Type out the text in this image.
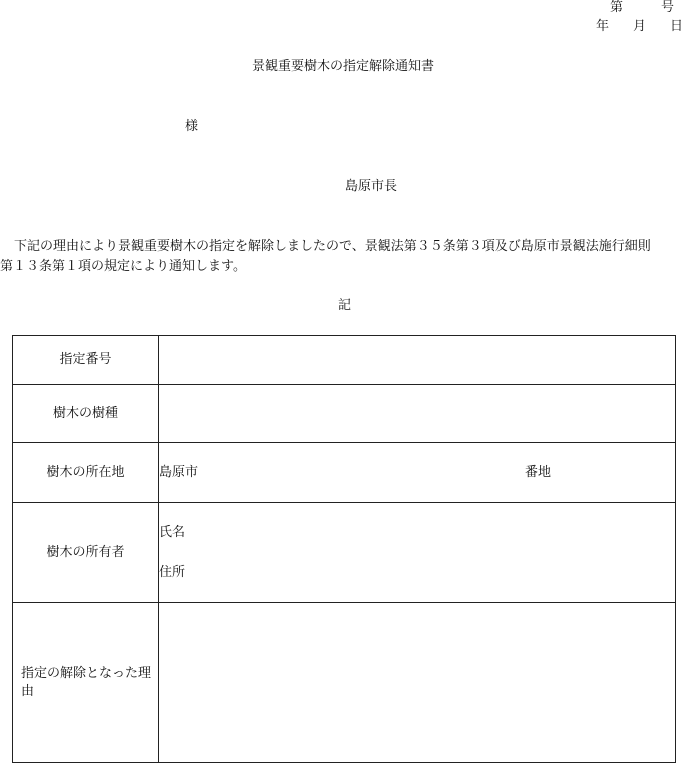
第	号
年 月 日
景観重要樹木の指定解除通知書
様
島原市長
下記の理由により景観重要樹木の指定を解除しましたので、景観法第３５条第３項及び島原市景観法施行細則
第１３条第１項の規定により通知します。
記
指定番号	
樹木の樹種	
樹木の所在地	島原市 番地

樹木の所有者	氏名
住所

指定の解除となった理由	
